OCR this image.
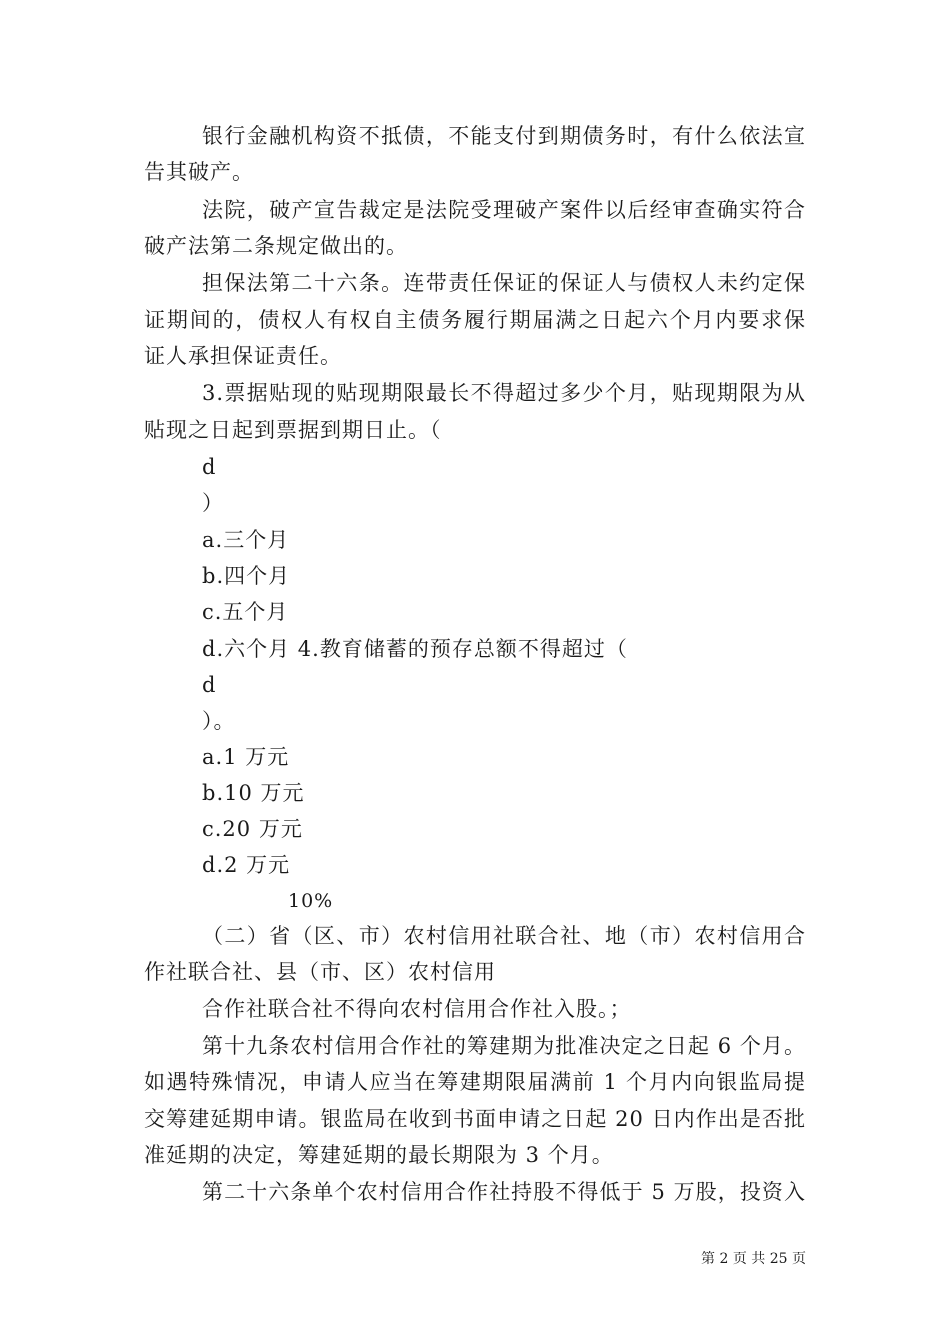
银行金融机构资不抵债，不能支付到期债务时，有什么依法宣
告其破产。
法院，破产宣告裁定是法院受理破产案件以后经审查确实符合
破产法第二条规定做出的。
担保法第二十六条。连带责任保证的保证人与债权人未约定保
证期间的，债权人有权自主债务履行期届满之日起六个月内要求保
证人承担保证责任。
3.票据贴现的贴现期限最长不得超过多少个月，贴现期限为从
贴现之日起到票据到期日止。（
d
）
a.三个月
b.四个月
c.五个月
d.六个月 4.教育储蓄的预存总额不得超过（
d
）。
a.1 万元
b.10 万元
c.20 万元
d.2 万元
10%
（二）省（区、市）农村信用社联合社、地（市）农村信用合
作社联合社、县（市、区）农村信用
合作社联合社不得向农村信用合作社入股。；
第十九条农村信用合作社的筹建期为批准决定之日起 6 个月。
如遇特殊情况，申请人应当在筹建期限届满前 1 个月内向银监局提
交筹建延期申请。银监局在收到书面申请之日起 20 日内作出是否批
准延期的决定，筹建延期的最长期限为 3 个月。
第二十六条单个农村信用合作社持股不得低于 5 万股，投资入
第 2 页 共 25 页
